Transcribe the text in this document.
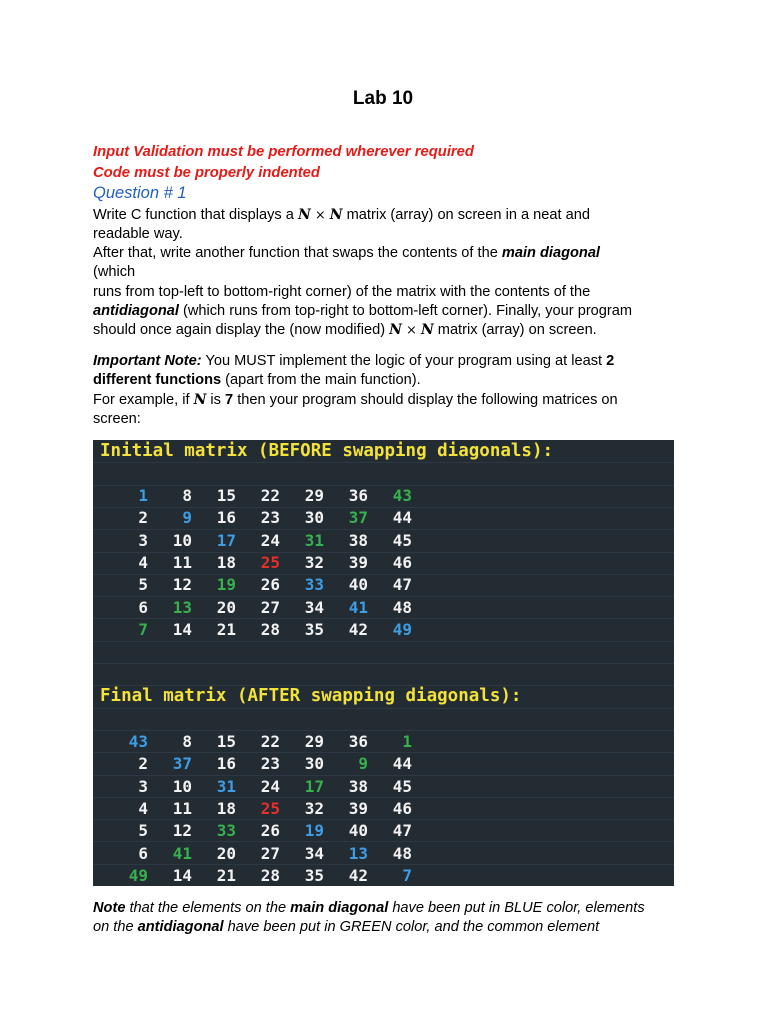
Lab 10
Input Validation must be performed wherever required
Code must be properly indented
Question # 1
Write C function that displays a N × N matrix (array) on screen in a neat and
readable way.
After that, write another function that swaps the contents of the main diagonal
(which
runs from top-left to bottom-right corner) of the matrix with the contents of the
antidiagonal (which runs from top-right to bottom-left corner). Finally, your program
should once again display the (now modified) N × N matrix (array) on screen.
Important Note: You MUST implement the logic of your program using at least 2
different functions (apart from the main function).
For example, if N is 7 then your program should display the following matrices on
screen:
Note that the elements on the main diagonal have been put in BLUE color, elements
on the antidiagonal have been put in GREEN color, and the common element
Initial matrix (BEFORE swapping diagonals):
1	8	15	22	29	36	43
2	9	16	23	30	37	44
3	10	17	24	31	38	45
4	11	18	25	32	39	46
5	12	19	26	33	40	47
6	13	20	27	34	41	48
7	14	21	28	35	42	49
Final matrix (AFTER swapping diagonals):
43	8	15	22	29	36	1
2	37	16	23	30	9	44
3	10	31	24	17	38	45
4	11	18	25	32	39	46
5	12	33	26	19	40	47
6	41	20	27	34	13	48
49	14	21	28	35	42	7
